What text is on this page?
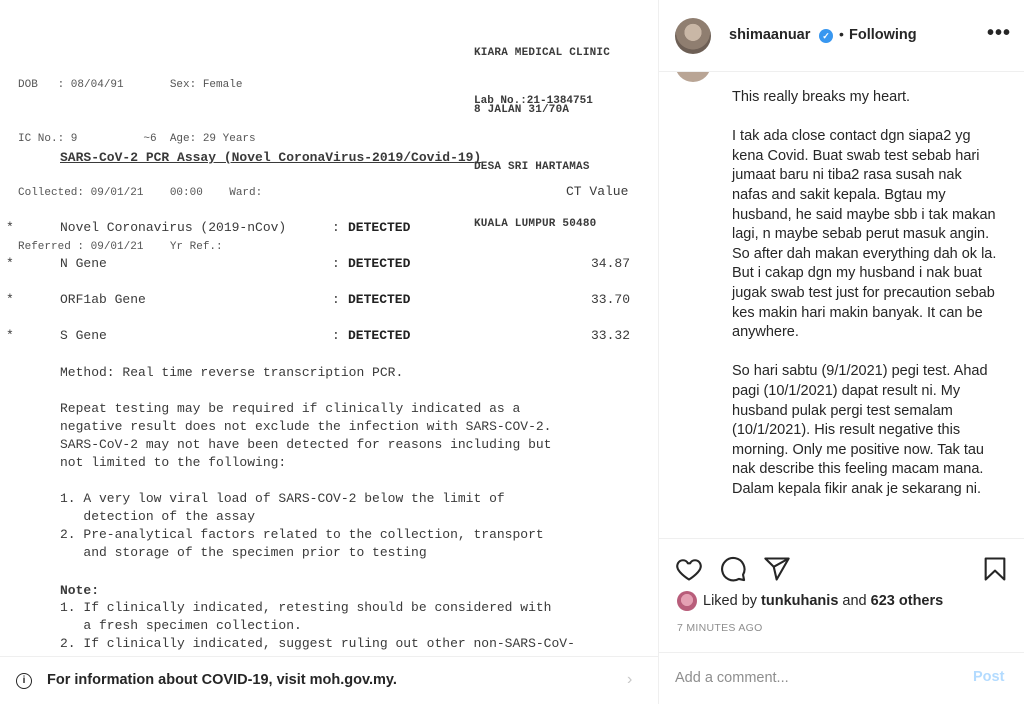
KIARA MEDICAL CLINIC

8 JALAN 31/70A

DESA SRI HARTAMAS

KUALA LUMPUR 50480

DOB   : 08/04/91       Sex: Female

IC No.: 9          ~6  Age: 29 Years

Collected: 09/01/21    00:00    Ward:

Referred : 09/01/21    Yr Ref.:

Lab No.:21-1384751
SARS-CoV-2 PCR Assay (Novel CoronaVirus-2019/Covid-19)
CT Value
*	Novel Coronavirus (2019-nCov)	: DETECTED
*	N Gene	: DETECTED	34.87
*	ORF1ab Gene	: DETECTED	33.70
*	S Gene	: DETECTED	33.32
Method: Real time reverse transcription PCR.
Repeat testing may be required if clinically indicated as a
negative result does not exclude the infection with SARS-COV-2.
SARS-CoV-2 may not have been detected for reasons including but
not limited to the following:
1. A very low viral load of SARS-COV-2 below the limit of
detection of the assay
2. Pre-analytical factors related to the collection, transport
and storage of the specimen prior to testing
Note:
1. If clinically indicated, retesting should be considered with
a fresh specimen collection.
2. If clinically indicated, suggest ruling out other non-SARS-CoV-
i	For information about COVID-19, visit moh.gov.my.	›
shimaanuar	✓ • Following	•••
This really breaks my heart.

I tak ada close contact dgn siapa2 yg kena Covid. Buat swab test sebab hari jumaat baru ni tiba2 rasa susah nak nafas and sakit kepala. Bgtau my husband, he said maybe sbb i tak makan lagi, n maybe sebab perut masuk angin. So after dah makan everything dah ok la. But i cakap dgn my husband i nak buat jugak swab test just for precaution sebab kes makin hari makin banyak. It can be anywhere.

So hari sabtu (9/1/2021) pegi test. Ahad pagi (10/1/2021) dapat result ni. My husband pulak pergi test semalam (10/1/2021). His result negative this morning. Only me positive now. Tak tau nak describe this feeling macam mana. Dalam kepala fikir anak je sekarang ni.
Liked by tunkuhanis and 623 others
7 MINUTES AGO
Add a comment...
Post
